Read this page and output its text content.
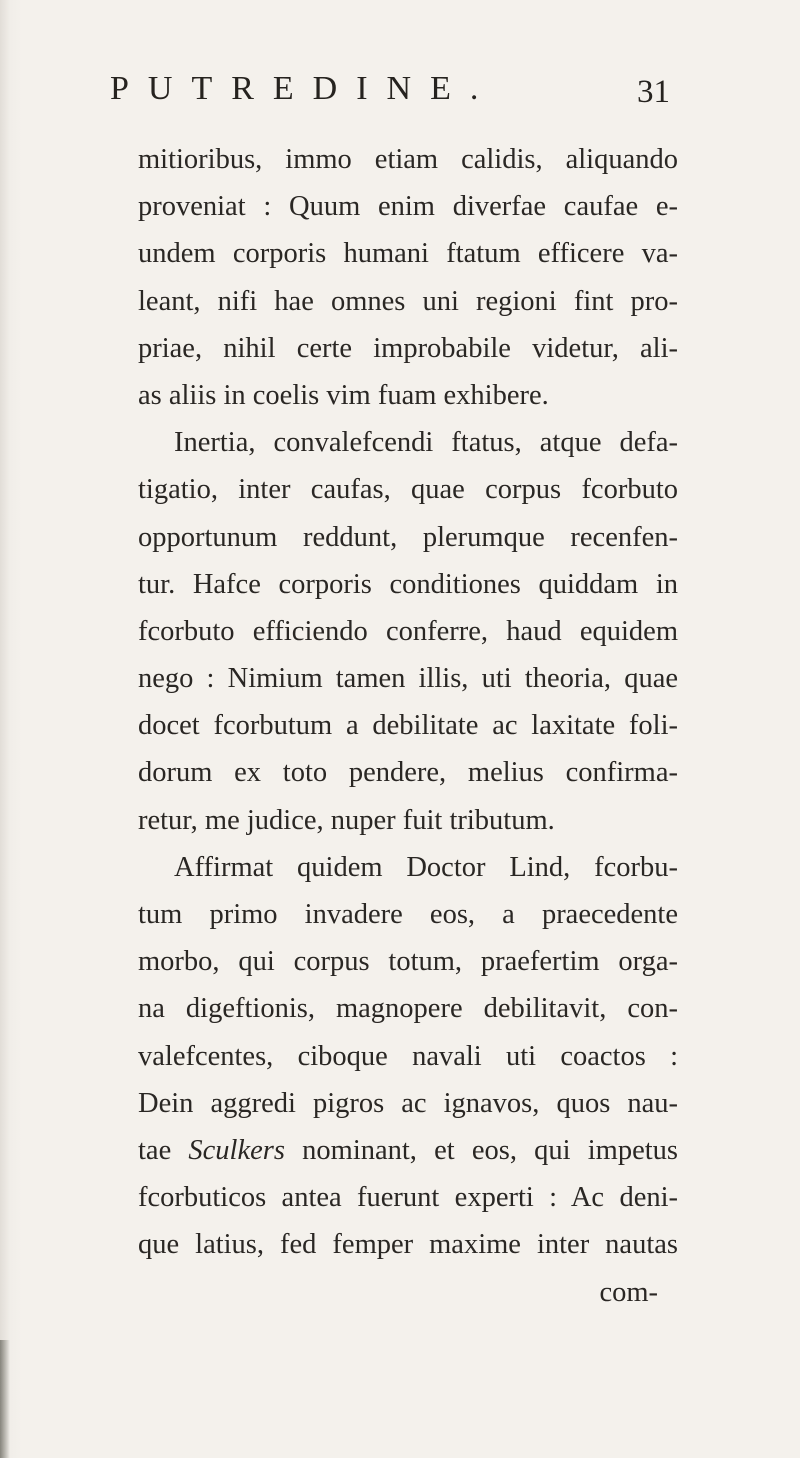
PUTREDINE.	31
mitioribus, immo etiam calidis, aliquando
proveniat : Quum enim diverfae caufae e-
undem corporis humani ftatum efficere va-
leant, nifi hae omnes uni regioni fint pro-
priae, nihil certe improbabile videtur, ali-
as aliis in coelis vim fuam exhibere.
Inertia, convalefcendi ftatus, atque defa-
tigatio, inter caufas, quae corpus fcorbuto
opportunum reddunt, plerumque recenfen-
tur. Hafce corporis conditiones quiddam in
fcorbuto efficiendo conferre, haud equidem
nego : Nimium tamen illis, uti theoria, quae
docet fcorbutum a debilitate ac laxitate foli-
dorum ex toto pendere, melius confirma-
retur, me judice, nuper fuit tributum.
Affirmat quidem Doctor Lind, fcorbu-
tum primo invadere eos, a praecedente
morbo, qui corpus totum, praefertim orga-
na digeftionis, magnopere debilitavit, con-
valefcentes, ciboque navali uti coactos :
Dein aggredi pigros ac ignavos, quos nau-
tae Sculkers nominant, et eos, qui impetus
fcorbuticos antea fuerunt experti : Ac deni-
que latius, fed femper maxime inter nautas
com-
